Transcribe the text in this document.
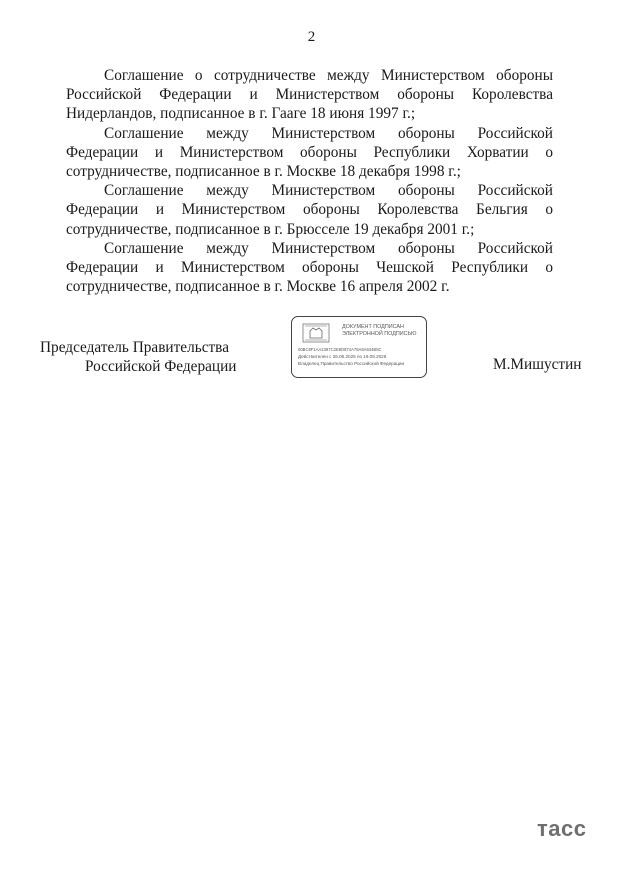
2

Соглашение о сотрудничестве между Министерством обороны Российской Федерации и Министерством обороны Королевства Нидерландов, подписанное в г. Гааге 18 июня 1997 г.;

Соглашение между Министерством обороны Российской Федерации и Министерством обороны Республики Хорватии о сотрудничестве, подписанное в г. Москве 18 декабря 1998 г.;

Соглашение между Министерством обороны Российской Федерации и Министерством обороны Королевства Бельгия о сотрудничестве, подписанное в г. Брюсселе 19 декабря 2001 г.;

Соглашение между Министерством обороны Российской Федерации и Министерством обороны Чешской Республики о сотрудничестве, подписанное в г. Москве 16 апреля 2002 г.

Председатель Правительства
Российской Федерации
ДОКУМЕНТ ПОДПИСАН ЭЛЕКТРОННОЙ ПОДПИСЬЮ
00BC8F1AA2397C2E8D874A78A6A634B5C
Действителен с 26.06.2025 по 19.09.2026
Владелец Правительство Российской Федерации	М.Мишустин
тасс
